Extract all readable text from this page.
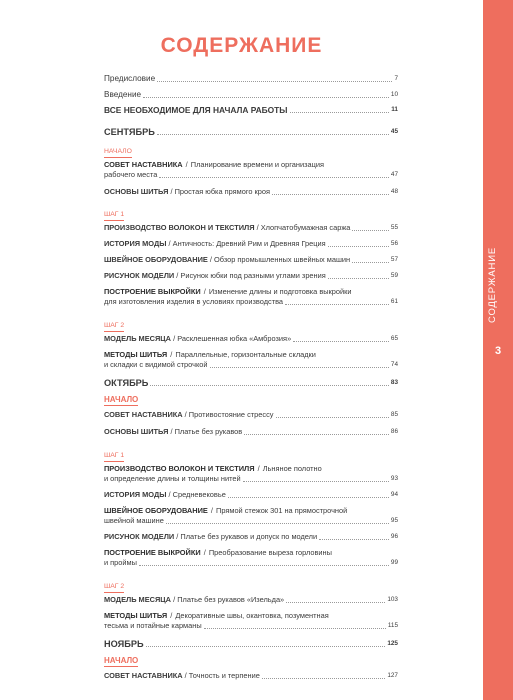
СОДЕРЖАНИЕ
3
СОДЕРЖАНИЕ
Предисловие	7
Введение	10
ВСЕ НЕОБХОДИМОЕ ДЛЯ НАЧАЛА РАБОТЫ	11
СЕНТЯБРЬ	45
НАЧАЛО
СОВЕТ НАСТАВНИКА / Планирование времени и организация
рабочего места	47
ОСНОВЫ ШИТЬЯ / Простая юбка прямого кроя	48
ШАГ 1
ПРОИЗВОДСТВО ВОЛОКОН И ТЕКСТИЛЯ / Хлопчатобумажная саржа	55
ИСТОРИЯ МОДЫ / Античность: Древний Рим и Древняя Греция	56
ШВЕЙНОЕ ОБОРУДОВАНИЕ / Обзор промышленных швейных машин	57
РИСУНОК МОДЕЛИ / Рисунок юбки под разными углами зрения	59
ПОСТРОЕНИЕ ВЫКРОЙКИ / Изменение длины и подготовка выкройки
для изготовления изделия в условиях производства	61
ШАГ 2
МОДЕЛЬ МЕСЯЦА / Расклешенная юбка «Амброзия»	65
МЕТОДЫ ШИТЬЯ / Параллельные, горизонтальные складки
и складки с видимой строчкой	74
ОКТЯБРЬ	83
НАЧАЛО
СОВЕТ НАСТАВНИКА / Противостояние стрессу	85
ОСНОВЫ ШИТЬЯ / Платье без рукавов	86
ШАГ 1
ПРОИЗВОДСТВО ВОЛОКОН И ТЕКСТИЛЯ / Льняное полотно
и определение длины и толщины нитей	93
ИСТОРИЯ МОДЫ / Средневековье	94
ШВЕЙНОЕ ОБОРУДОВАНИЕ / Прямой стежок 301 на прямострочной
швейной машине	95
РИСУНОК МОДЕЛИ / Платье без рукавов и допуск по модели	96
ПОСТРОЕНИЕ ВЫКРОЙКИ / Преобразование выреза горловины
и проймы	99
ШАГ 2
МОДЕЛЬ МЕСЯЦА / Платье без рукавов «Изельда»	103
МЕТОДЫ ШИТЬЯ / Декоративные швы, окантовка, позументная
тесьма и потайные карманы	115
НОЯБРЬ	125
НАЧАЛО
СОВЕТ НАСТАВНИКА / Точность и терпение	127
